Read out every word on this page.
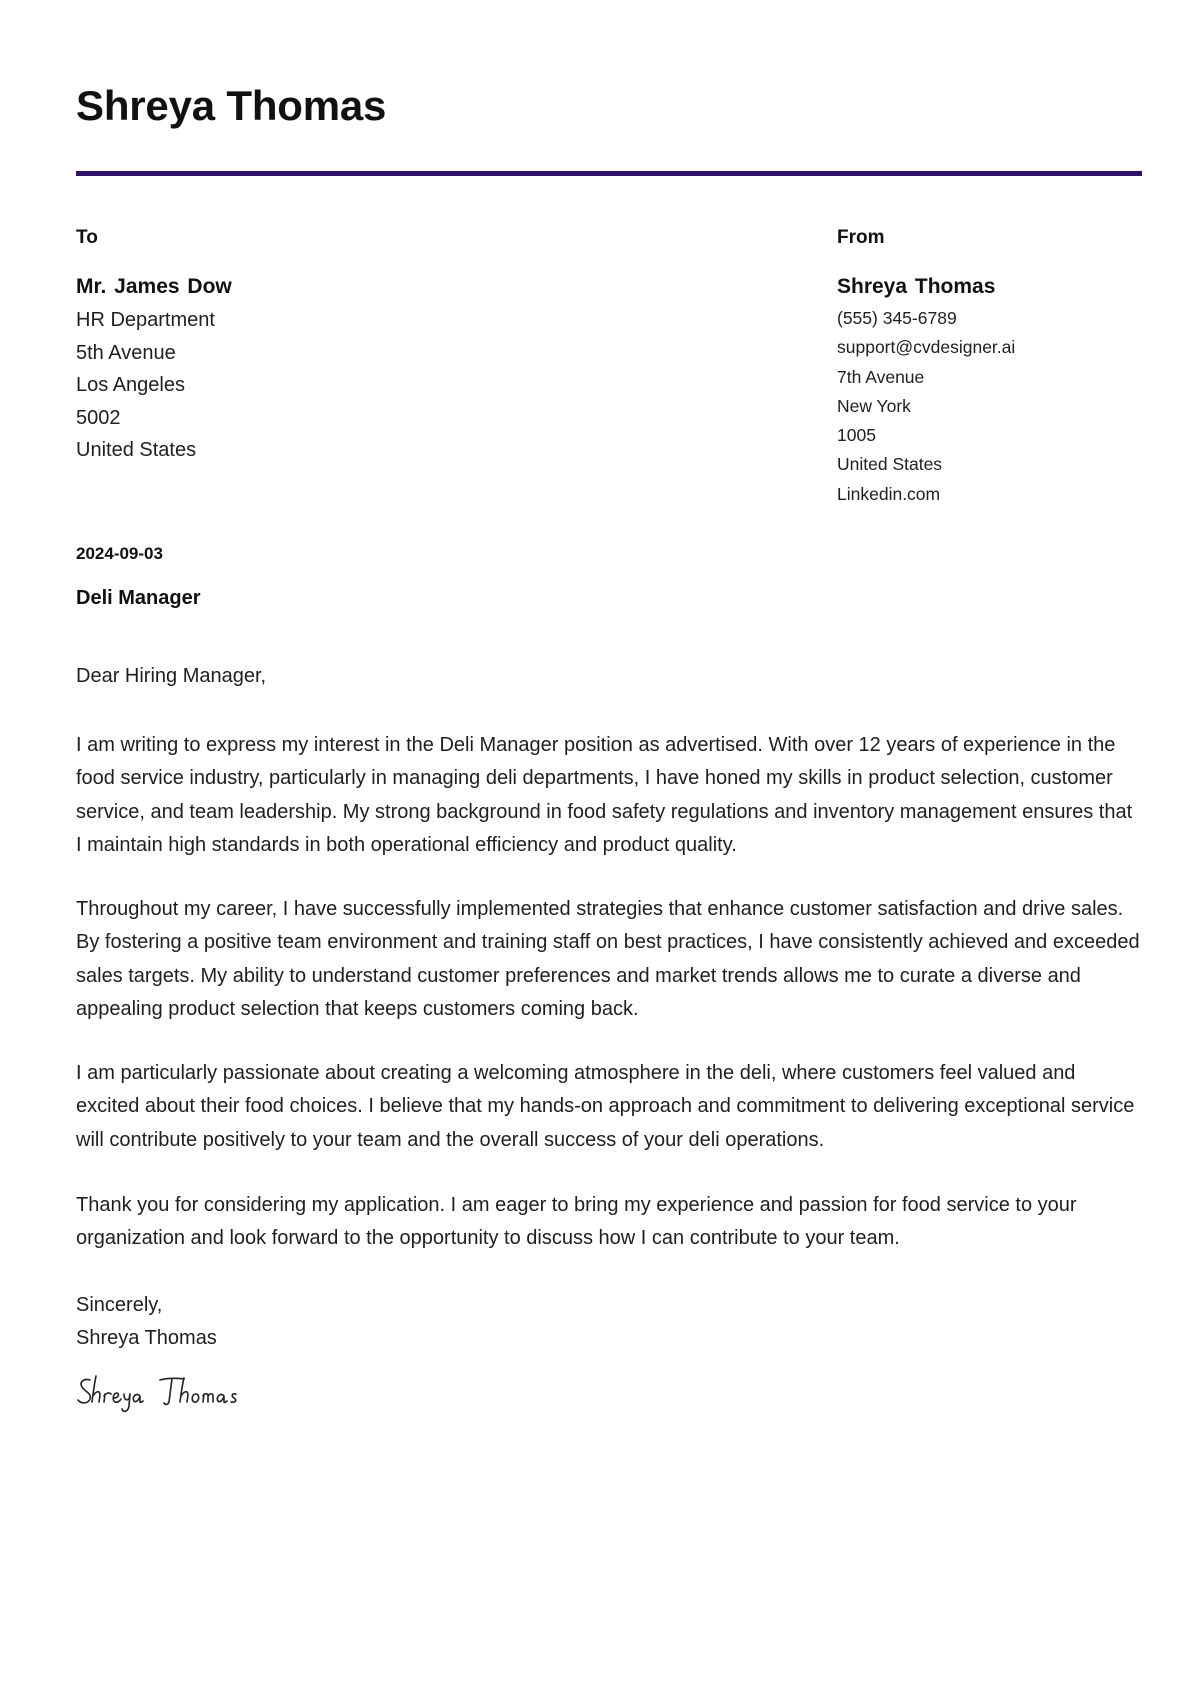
Shreya Thomas
To
Mr. James Dow
HR Department
5th Avenue
Los Angeles
5002
United States
From
Shreya Thomas
(555) 345-6789
support@cvdesigner.ai
7th Avenue
New York
1005
United States
Linkedin.com
2024-09-03
Deli Manager
Dear Hiring Manager,

I am writing to express my interest in the Deli Manager position as advertised. With over 12 years of experience in the food service industry, particularly in managing deli departments, I have honed my skills in product selection, customer service, and team leadership. My strong background in food safety regulations and inventory management ensures that I maintain high standards in both operational efficiency and product quality.

Throughout my career, I have successfully implemented strategies that enhance customer satisfaction and drive sales. By fostering a positive team environment and training staff on best practices, I have consistently achieved and exceeded sales targets. My ability to understand customer preferences and market trends allows me to curate a diverse and appealing product selection that keeps customers coming back.

I am particularly passionate about creating a welcoming atmosphere in the deli, where customers feel valued and excited about their food choices. I believe that my hands-on approach and commitment to delivering exceptional service will contribute positively to your team and the overall success of your deli operations.

Thank you for considering my application. I am eager to bring my experience and passion for food service to your organization and look forward to the opportunity to discuss how I can contribute to your team.

Sincerely,
Shreya Thomas
